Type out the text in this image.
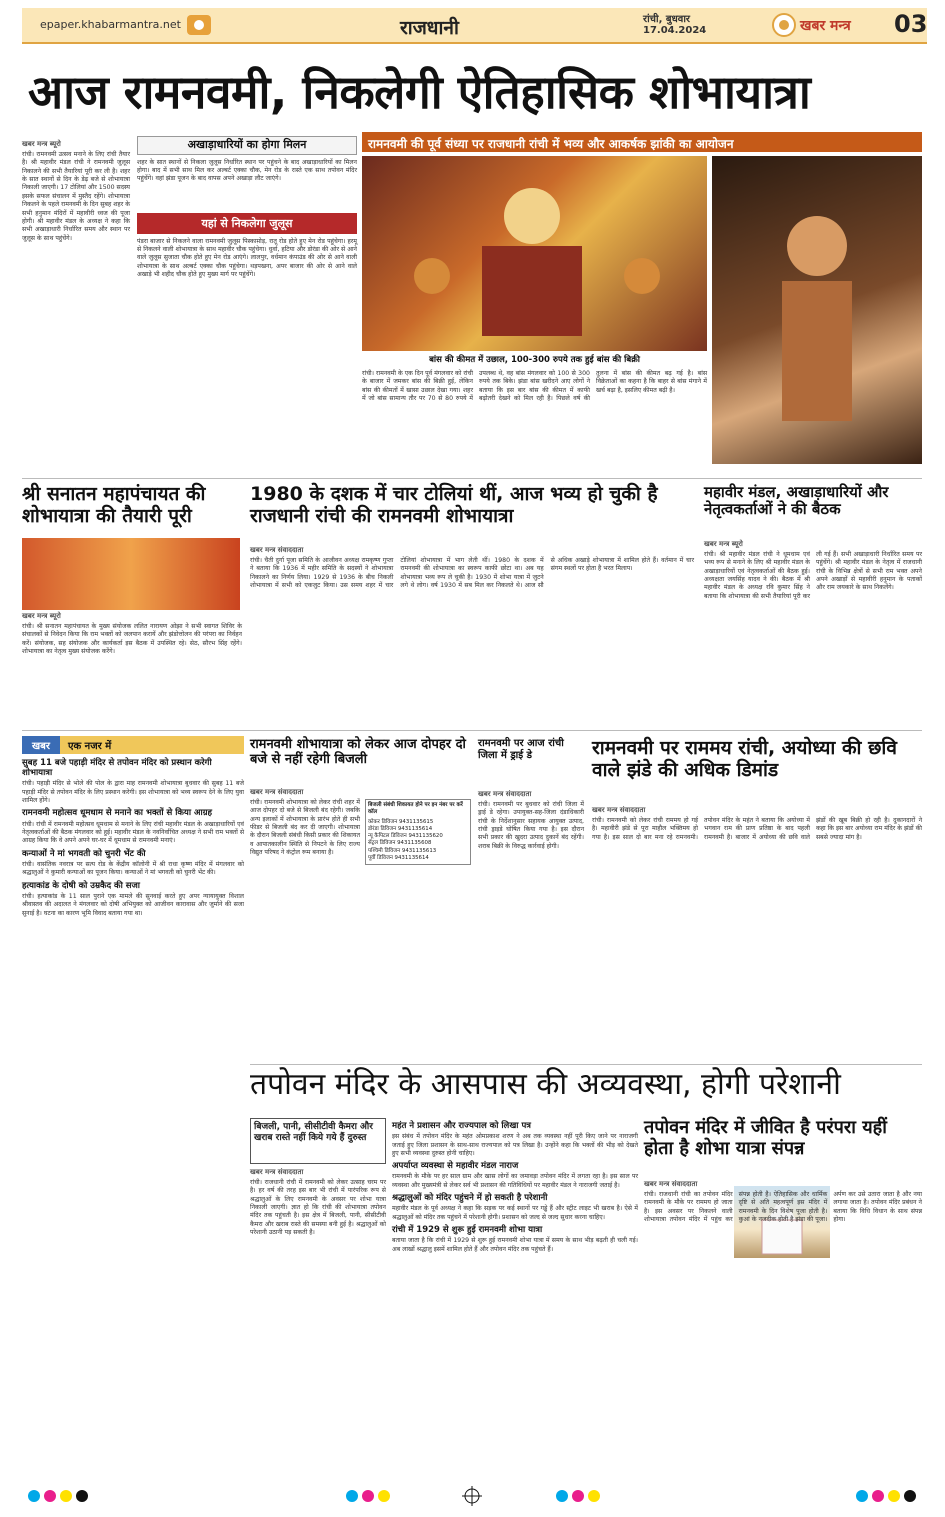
epaper.khabarmantra.net	राजधानी	रांची, बुधवार
17.04.2024	खबर मन्त्र 03
आज रामनवमी, निकलेगी ऐतिहासिक शोभायात्रा
खबर मन्त्र ब्यूरो
रांची। रामनवमी उत्सव मनाने के लिए रांची तैयार है। श्री महावीर मंडल रांची ने रामनवमी जुलूस निकालने की सभी तैयारियां पूरी कर ली है। शहर के सात स्थानों से दिन के डेढ़ बजे से शोभायात्रा निकाली जाएगी। 17 टोलियां और 1500 सदस्य इसके सफल संचालन में मुस्तैद रहेंगे। शोभायात्रा निकलने के पहले रामनवमी के दिन सुबह शहर के सभी हनुमान मंदिरों में महावीरी ध्वज की पूजा होगी। श्री महावीर मंडल के अध्यक्ष ने कहा कि सभी अखाड़ाधारी निर्धारित समय और स्थान पर जुलूस के साथ पहुंचेंगे।
अखाड़ाधारियों का होगा मिलन
शहर के सात स्थानों से निकला जुलूस निर्धारित स्थान पर पहुंचने के बाद अखाड़ाधारियों का मिलन होगा। बाद में सभी साथ मिल कर अल्बर्ट एक्का चौक, मेन रोड के रास्ते एक साथ तपोवन मंदिर पहुंचेंगे। वहां झंडा पूजन के बाद वापस अपने अखाड़ा लौट जाएंगे।
यहां से निकलेगा जुलूस
पंडरा बाजार से निकलने वाला रामनवमी जुलूस पिस्काम़ोड़, रातू रोड होते हुए मेन रोड पहुंचेगा। हरमू से निकलने वाली शोभायात्रा के साथ महावीर चौक पहुंचेगा। धुर्वा, हटिया और डोरंडा की ओर से आने वाले जुलूस सुजाता चौक होते हुए मेन रोड आएंगे। लालपुर, वर्धमान कंपाउंड की ओर से आने वाली शोभायात्रा के साथ अल्बर्ट एक्का चौक पहुंचेगा। थड़पखना, अपर बाजार की ओर से आने वाले अखाड़े भी शहीद चौक होते हुए मुख्य मार्ग पर पहुंचेंगे।
रामनवमी की पूर्व संध्या पर राजधानी रांची में भव्य और आकर्षक झांकी का आयोजन
बांस की कीमत में उछाल, 100-300 रुपये तक हुई बांस की बिक्री
रांची। रामनवमी के एक दिन पूर्व मंगलवार को रांची के बाजार में जमकर बांस की बिक्री हुई, लेकिन बांस की कीमतों में खासा उछाल देखा गया। शहर में जो बांस सामान्य तौर पर 70 से 80 रुपये में उपलब्ध थे, वह बांस मंगलवार को 100 से 300 रुपये तक बिके। झंडा बांस खरीदने आए लोगों ने बताया कि इस बार बांस की कीमत में काफी बढ़ोतरी देखने को मिल रही है। पिछले वर्ष की तुलना में बांस की कीमत बढ़ गई है। बांस विक्रेताओं का कहना है कि बाहर से बांस मंगाने में खर्च बढ़ा है, इसलिए कीमत बढ़ी है।
श्री सनातन महापंचायत की शोभायात्रा की तैयारी पूरी
खबर मन्त्र ब्यूरो
रांची। श्री सनातन महापंचायत के मुख्य संयोजक ललित नारायण ओझा ने सभी स्वागत शिविर के संचालकों से निवेदन किया कि राम भक्तों को जलपान करायें और झंडोत्तोलन की परंपरा का निर्वहन करें। संयोजक, सह संयोजक और कार्यकर्ता इस बैठक में उपस्थित रहे। सेठ, सौरभ सिंह रहेंगे। शोभायात्रा का नेतृत्व मुख्य संयोजक करेंगे।
1980 के दशक में चार टोलियां थीं, आज भव्य हो चुकी है राजधानी रांची की रामनवमी शोभायात्रा
खबर मन्त्र संवाददाता
रांची। चैती दुर्गा पूजा समिति के आजीवन अध्यक्ष रामकृष्ण गुप्ता ने बताया कि 1936 में महीर समिति के सदस्यों ने शोभायात्रा निकालने का निर्णय लिया। 1929 से 1936 के बीच निकली शोभायात्रा में सभी को एकजुट किया। उस समय शहर में चार टोलियां शोभायात्रा में भाग लेती थीं। 1980 के दशक में रामनवमी की शोभायात्रा का स्वरूप काफी छोटा था। अब यह शोभायात्रा भव्य रूप ले चुकी है। 1930 में शोभा यात्रा में जुटने लगे थे लोग। वर्ष 1930 में सब मिल कर निकलते थे। आज सौ से अधिक अखाड़े शोभायात्रा में शामिल होते हैं। वर्तमान में चार संगम स्थलों पर होता है भरत मिलाप।
महावीर मंडल, अखाड़ाधारियों और नेतृत्वकर्ताओं ने की बैठक
खबर मन्त्र ब्यूरो
रांची। श्री महावीर मंडल रांची ने धूमधाम एवं भव्य रूप से मनाने के लिए श्री महावीर मंडल के अखाड़ाधारियों एवं नेतृत्वकर्ताओं की बैठक हुई। अध्यक्षता जयसिंह यादव ने की। बैठक में श्री महावीर मंडल के अध्यक्ष रवि कुमार सिंह ने बताया कि शोभायात्रा की सभी तैयारियां पूरी कर ली गई हैं। सभी अखाड़ाधारी निर्धारित समय पर पहुंचेंगे। श्री महावीर मंडल के नेतृत्व में राजधानी रांची के विभिन्न क्षेत्रों से सभी राम भक्त अपने अपने अखाड़ों से महावीरी हनुमान के पताकों और राम जयकारे के साथ निकलेंगे।
खबर	एक नजर में
सुबह 11 बजे पहाड़ी मंदिर से तपोवन मंदिर को प्रस्थान करेगी शोभायात्रा
रांची। पहाड़ी मंदिर से भोले की पोल के द्वारा माह रामनवमी शोभायात्रा बुधवार की सुबह 11 बजे पहाड़ी मंदिर से तपोवन मंदिर के लिए प्रस्थान करेगी। इस शोभायात्रा को भव्य स्वरूप देने के लिए युवा शामिल होंगे।
रामनवमी महोत्सव धूमधाम से मनाने का भक्तों से किया आग्रह
रांची। रांची में रामनवमी महोत्सव धूमधाम से मनाने के लिए रांची महावीर मंडल के अखाड़ाधारियों एवं नेतृत्वकर्ताओं की बैठक मंगलवार को हुई। महावीर मंडल के नवनिर्वाचित अध्यक्ष ने सभी राम भक्तों से आग्रह किया कि वे अपने अपने घर-घर में धूमधाम से रामनवमी मनाएं।
कन्याओं ने मां भगवती को चुनरी भेंट की
रांची। वासंतिक नवरात्र पर सत्य रोड के केंद्रीय कॉलोनी में श्री राधा कृष्ण मंदिर में मंगलवार को श्रद्धालुओं ने कुमारी कन्याओं का पूजन किया। कन्याओं ने मां भगवती को चुनरी भेंट की।
हत्याकांड के दोषी को उम्रकैद की सजा
रांची। हत्याकांड के 11 साल पुराने एक मामले की सुनवाई करते हुए अपर न्यायायुक्त विशाल श्रीवास्तव की अदालत ने मंगलवार को दोषी अभियुक्त को आजीवन कारावास और जुर्माने की सजा सुनाई है। घटना का कारण भूमि विवाद बताया गया था।
रामनवमी शोभायात्रा को लेकर आज दोपहर दो बजे से नहीं रहेगी बिजली
खबर मन्त्र संवाददाता
रांची। रामनवमी शोभायात्रा को लेकर रांची शहर में आज दोपहर दो बजे से बिजली बंद रहेगी। जबकि अन्य इलाकों में शोभायात्रा के प्रारंभ होते ही सभी फीडर से बिजली बंद कर दी जाएगी। शोभायात्रा के दौरान बिजली संबंधी किसी प्रकार की शिकायत व आपातकालीन स्थिति से निपटने के लिए राज्य विद्युत परिषद ने कंट्रोल रूम बनाया है।
बिजली संबंधी शिकायत होने पर इन नंबर पर करें कॉल
कोकर डिविजन 9431135615
डोरंडा डिविजन 9431135614
न्यू कैपिटल डिविजन 9431135620
सेंट्रल डिविजन 9431135608
पश्चिमी डिविजन 9431135613
पूर्वी डिविजन 9431135614
रामनवमी पर आज रांची जिला में ड्राई डे
खबर मन्त्र संवाददाता
रांची। रामनवमी पर बुधवार को रांची जिला में ड्राई डे रहेगा। उपायुक्त-सह-जिला दंडाधिकारी रांची के निर्देशानुसार सहायक आयुक्त उत्पाद, रांची ड्राइडे घोषित किया गया है। इस दौरान सभी प्रकार की खुदरा उत्पाद दुकानें बंद रहेंगी। शराब बिक्री के विरुद्ध कार्रवाई होगी।
रामनवमी पर राममय रांची, अयोध्या की छवि वाले झंडे की अधिक डिमांड
खबर मन्त्र संवाददाता
रांची। रामनवमी को लेकर रांची राममय हो गई है। महावीरी झंडे से पूरा माहौल भक्तिमय हो गया है। इस साल दो बार मना रहे रामनवमी। तपोवन मंदिर के महंत ने बताया कि अयोध्या में भगवान राम की प्राण प्रतिष्ठा के बाद पहली रामनवमी है। बाजार में अयोध्या की छवि वाले झंडों की खूब बिक्री हो रही है। दुकानदारों ने कहा कि इस बार अयोध्या राम मंदिर के झंडों की सबसे ज्यादा मांग है।
तपोवन मंदिर के आसपास की अव्यवस्था, होगी परेशानी
बिजली, पानी, सीसीटीवी कैमरा और खराब रास्ते नहीं किये गये हैं दुरुस्त
खबर मन्त्र संवाददाता
रांची। राजधानी रांची में रामनवमी को लेकर उत्साह चरम पर है। हर वर्ष की तरह इस बार भी रांची में पारंपरिक रूप से श्रद्धालुओं के लिए रामनवमी के अवसर पर शोभा यात्रा निकाली जाएगी। ज्ञात हो कि रांची की शोभायात्रा तपोवन मंदिर तक पहुंचती है। इस क्षेत्र में बिजली, पानी, सीसीटीवी कैमरा और खराब रास्ते की समस्या बनी हुई है। श्रद्धालुओं को परेशानी उठानी पड़ सकती है।
महंत ने प्रशासन और राज्यपाल को लिखा पत्र
इस संबंध में तपोवन मंदिर के महंत ओमप्रकाश शरण ने अब तक व्यवस्था नहीं पूरी किए जाने पर नाराजगी जताई हुए जिला प्रशासन के साथ-साथ राज्यपाल को पत्र लिखा है। उन्होंने कहा कि भक्तों की भीड़ को देखते हुए सभी व्यवस्था दुरुस्त होनी चाहिए।
अपर्याप्त व्यवस्था से महावीर मंडल नाराज
रामनवमी के मौके पर हर साल ग्राम और खास लोगों का जमावड़ा तपोवन मंदिर में लगता रहा है। इस साल पर व्यवस्था और मुख्यमंत्री से लेकर सर्व भी प्रशासन की गतिविधियों पर महावीर मंडल ने नाराजगी जताई है।
श्रद्धालुओं को मंदिर पहुंचने में हो सकती है परेशानी
महावीर मंडल के पूर्व अध्यक्ष ने कहा कि सड़क पर कई स्थानों पर गड्ढे हैं और स्ट्रीट लाइट भी खराब है। ऐसे में श्रद्धालुओं को मंदिर तक पहुंचने में परेशानी होगी। प्रशासन को जल्द से जल्द सुधार करना चाहिए।
रांची में 1929 से शुरू हुई रामनवमी शोभा यात्रा
बताया जाता है कि रांची में 1929 से शुरू हुई रामनवमी शोभा यात्रा में समय के साथ भीड़ बढ़ती ही चली गई। अब लाखों श्रद्धालु इसमें शामिल होते हैं और तपोवन मंदिर तक पहुंचते हैं।
तपोवन मंदिर में जीवित है परंपरा यहीं होता है शोभा यात्रा संपन्न
खबर मन्त्र संवाददाता
रांची। राजधानी रांची का तपोवन मंदिर रामनवमी के मौके पर राममय हो जाता है। इस अवसर पर निकलने वाली शोभायात्रा तपोवन मंदिर में पहुंच कर संपन्न होती है। ऐतिहासिक और धार्मिक दृष्टि से अति महत्वपूर्ण इस मंदिर में रामनवमी के दिन विशेष पूजा होती है। कुआं के नजदीक होती है झंडा की पूजा। अर्पण कर उसे उतारा जाता है और नया लगाया जाता है। तपोवन मंदिर प्रबंधन ने बताया कि विधि विधान के साथ संपन्न होगा।
